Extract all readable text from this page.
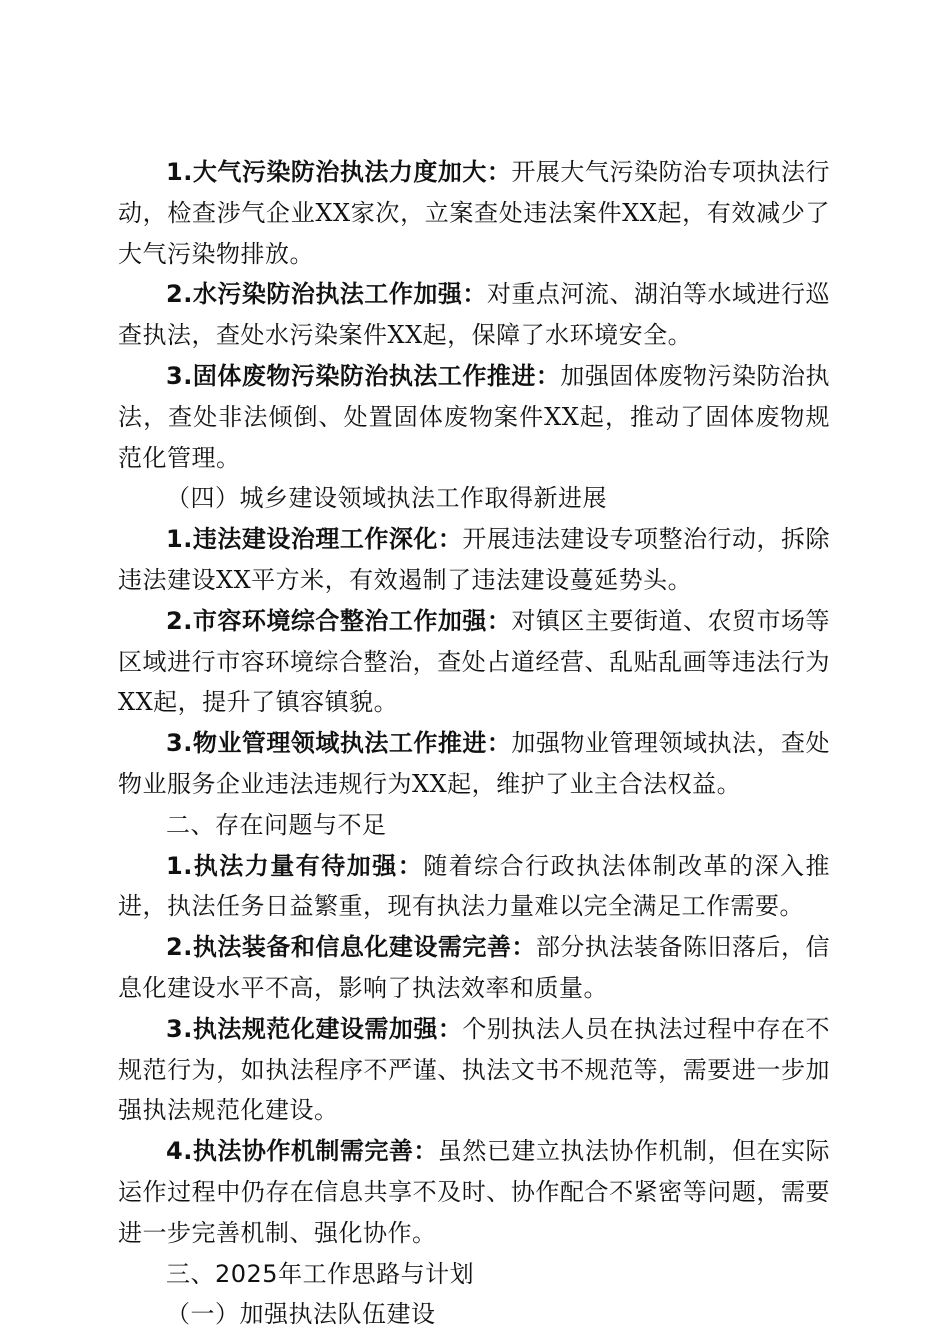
1.大气污染防治执法力度加大：开展大气污染防治专项执法行动，检查涉气企业XX家次，立案查处违法案件XX起，有效减少了大气污染物排放。

2.水污染防治执法工作加强：对重点河流、湖泊等水域进行巡查执法，查处水污染案件XX起，保障了水环境安全。

3.固体废物污染防治执法工作推进：加强固体废物污染防治执法，查处非法倾倒、处置固体废物案件XX起，推动了固体废物规范化管理。

（四）城乡建设领域执法工作取得新进展

1.违法建设治理工作深化：开展违法建设专项整治行动，拆除违法建设XX平方米，有效遏制了违法建设蔓延势头。

2.市容环境综合整治工作加强：对镇区主要街道、农贸市场等区域进行市容环境综合整治，查处占道经营、乱贴乱画等违法行为XX起，提升了镇容镇貌。

3.物业管理领域执法工作推进：加强物业管理领域执法，查处物业服务企业违法违规行为XX起，维护了业主合法权益。

二、存在问题与不足

1.执法力量有待加强：随着综合行政执法体制改革的深入推进，执法任务日益繁重，现有执法力量难以完全满足工作需要。

2.执法装备和信息化建设需完善：部分执法装备陈旧落后，信息化建设水平不高，影响了执法效率和质量。

3.执法规范化建设需加强：个别执法人员在执法过程中存在不规范行为，如执法程序不严谨、执法文书不规范等，需要进一步加强执法规范化建设。

4.执法协作机制需完善：虽然已建立执法协作机制，但在实际运作过程中仍存在信息共享不及时、协作配合不紧密等问题，需要进一步完善机制、强化协作。

三、2025年工作思路与计划

（一）加强执法队伍建设
